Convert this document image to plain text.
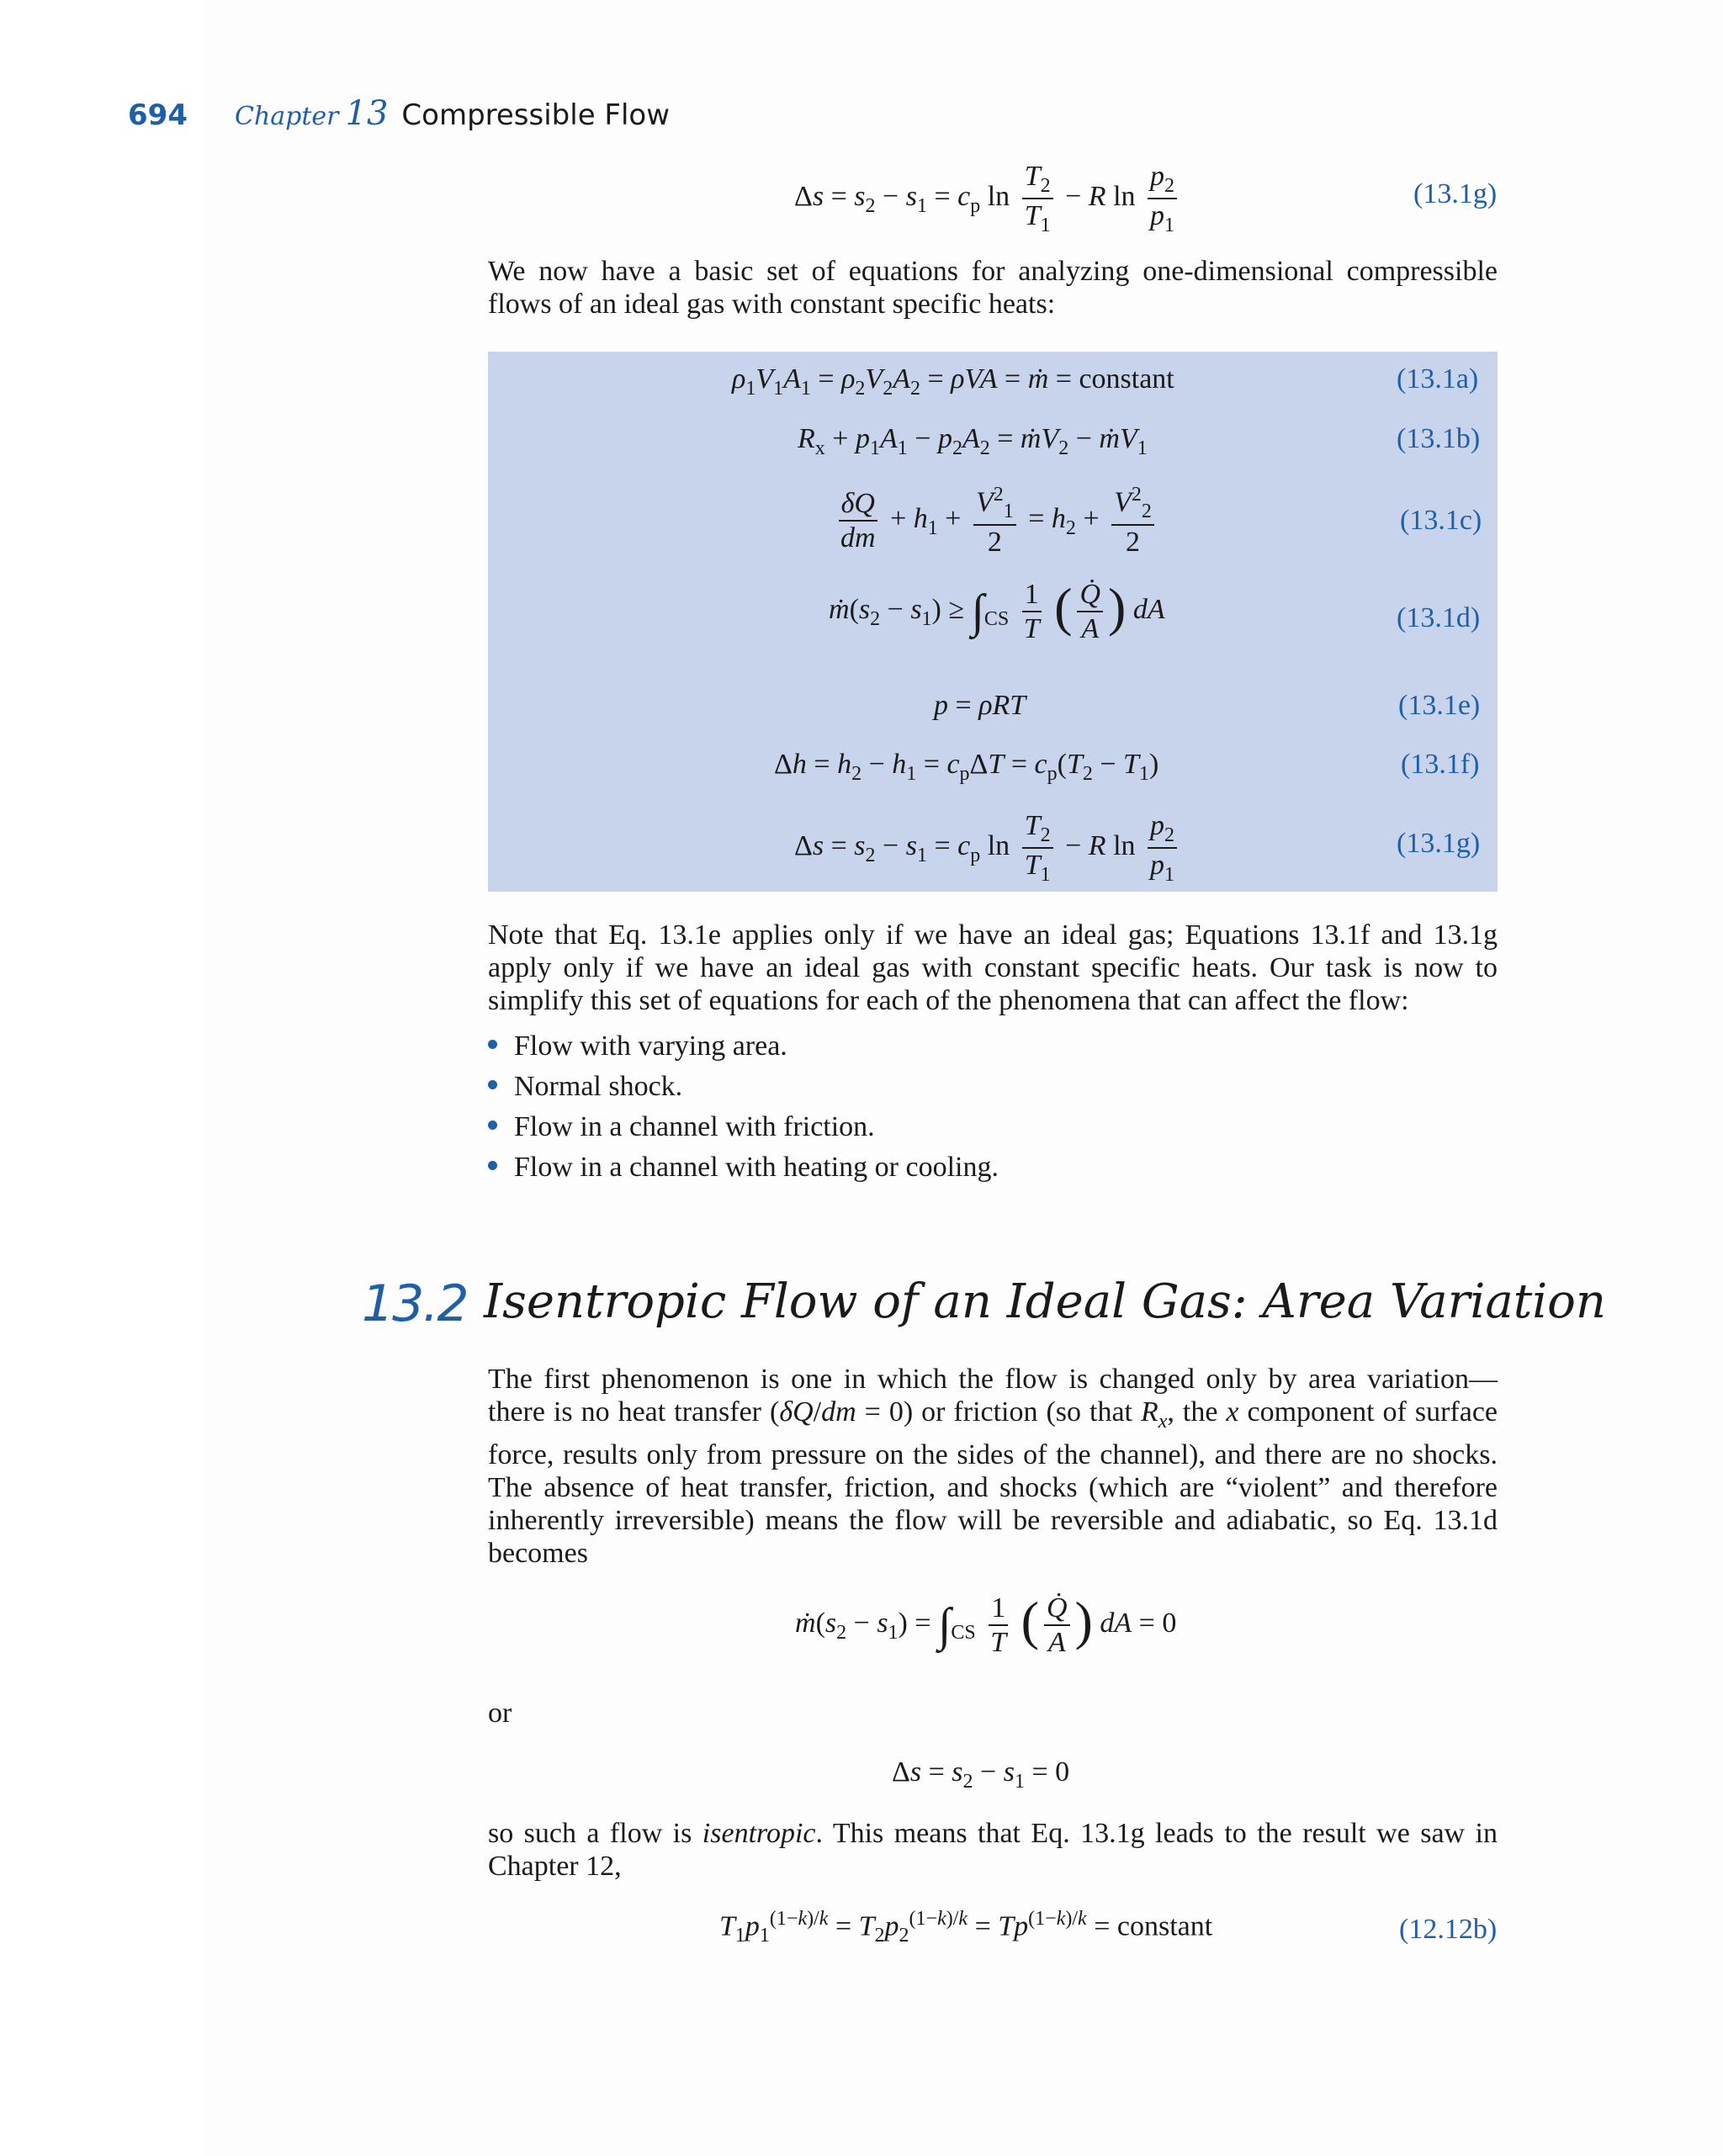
694 Chapter 13 Compressible Flow
$\Delta s = s_2 - s_1 = c_p$ $\ln \frac{T_2}{T_1} - R$ $\ln \frac{p_2}{p_1}$	(13.1g)
We now have a basic set of equations for analyzing one-dimensional compressible flows of an ideal gas with constant specific heats:
$\rho_1V_1A_1 = \rho_2V_2A_2 = \rho VA$ = ṁ = constant	(13.1a)
$R_x + p_1A_1 - p_2A_2$ = ṁV$_2$ − ṁV$_1$	(13.1b)
$\frac{\delta Q}{dm} + h_1 + \frac{V^2_1}{2} = h_2 + \frac{V^2_2}{2}$	(13.1c)
$ṁ(s_2 - s_1) \ge \int_{CS} \frac{1}{T}$ ( $\frac{Q̇}{A}$ ) dA	(13.1d)
p = ρRT	(13.1e)
$\Delta h = h_2 - h_1 = c_p\Delta T = c_p(T_2 - T_1)$	(13.1f)
$\Delta s = s_2 - s_1 = c_p$ $\ln \frac{T_2}{T_1} - R$ $\ln \frac{p_2}{p_1}$	(13.1g)
Note that Eq. 13.1e applies only if we have an ideal gas; Equations 13.1f and 13.1g apply only if we have an ideal gas with constant specific heats. Our task is now to simplify this set of equations for each of the phenomena that can affect the flow:
Flow with varying area.
Normal shock.
Flow in a channel with friction.
Flow in a channel with heating or cooling.
13.2 Isentropic Flow of an Ideal Gas: Area Variation
The first phenomenon is one in which the flow is changed only by area variation— there is no heat transfer (δQ/dm = 0) or friction (so that $R_x$, the x component of surface force, results only from pressure on the sides of the channel), and there are no shocks. The absence of heat transfer, friction, and shocks (which are “violent” and therefore inherently irreversible) means the flow will be reversible and adiabatic, so Eq. 13.1d becomes
$ṁ(s_2 - s_1) = \int_{CS} \frac{1}{T}$ ( $\frac{Q̇}{A}$ ) dA = 0
or
$\Delta s = s_2 - s_1 = 0$
so such a flow is isentropic. This means that Eq. 13.1g leads to the result we saw in Chapter 12,
$T_1p_1^{(1-k)/k} = T_2p_2^{(1-k)/k} = Tp^{(1-k)/k}$ = constant	(12.12b)
